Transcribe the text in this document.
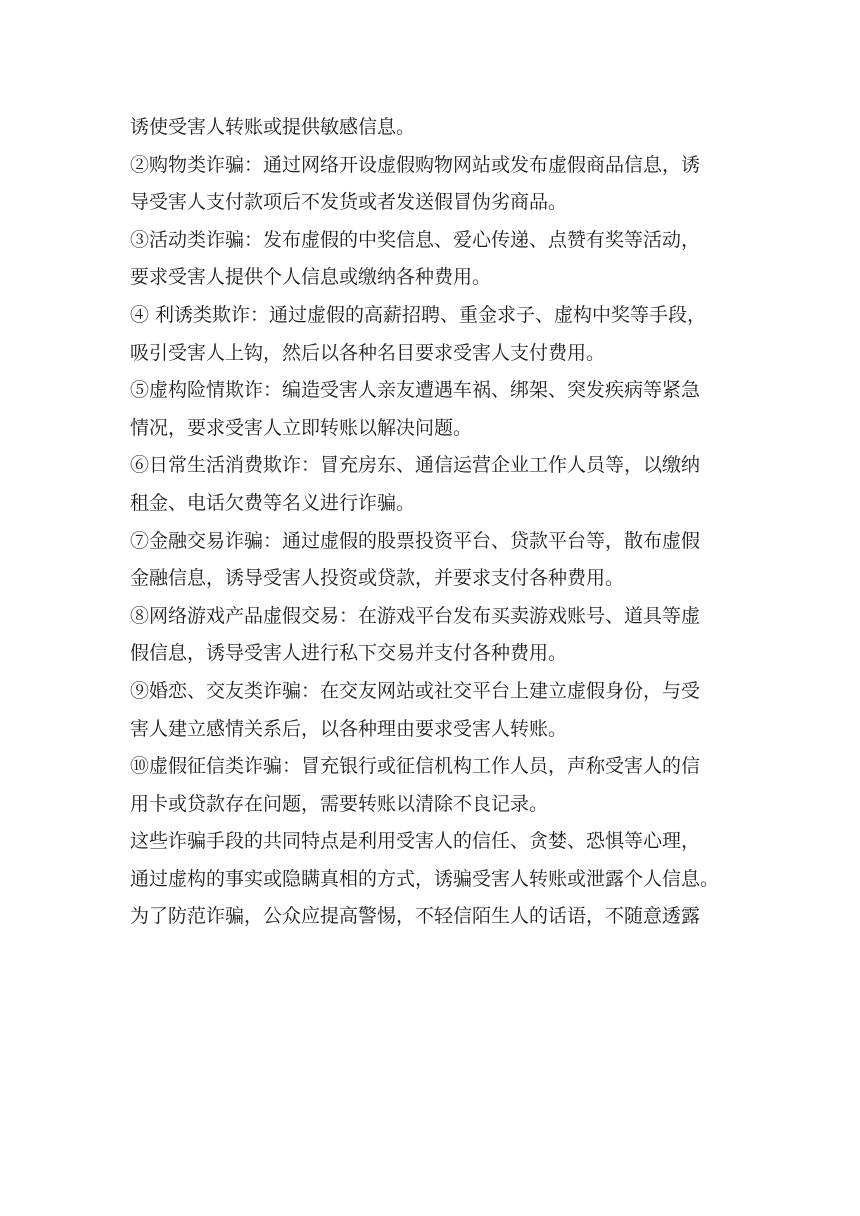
诱使受害人转账或提供敏感信息。
②购物类诈骗：通过网络开设虚假购物网站或发布虚假商品信息，诱
导受害人支付款项后不发货或者发送假冒伪劣商品。
③活动类诈骗：发布虚假的中奖信息、爱心传递、点赞有奖等活动，
要求受害人提供个人信息或缴纳各种费用。
④ 利诱类欺诈：通过虚假的高薪招聘、重金求子、虚构中奖等手段，
吸引受害人上钩，然后以各种名目要求受害人支付费用。
⑤虚构险情欺诈：编造受害人亲友遭遇车祸、绑架、突发疾病等紧急
情况，要求受害人立即转账以解决问题。
⑥日常生活消费欺诈：冒充房东、通信运营企业工作人员等，以缴纳
租金、电话欠费等名义进行诈骗。
⑦金融交易诈骗：通过虚假的股票投资平台、贷款平台等，散布虚假
金融信息，诱导受害人投资或贷款，并要求支付各种费用。
⑧网络游戏产品虚假交易：在游戏平台发布买卖游戏账号、道具等虚
假信息，诱导受害人进行私下交易并支付各种费用。
⑨婚恋、交友类诈骗：在交友网站或社交平台上建立虚假身份，与受
害人建立感情关系后，以各种理由要求受害人转账。
⑩虚假征信类诈骗：冒充银行或征信机构工作人员，声称受害人的信
用卡或贷款存在问题，需要转账以清除不良记录。
这些诈骗手段的共同特点是利用受害人的信任、贪婪、恐惧等心理，
通过虚构的事实或隐瞒真相的方式，诱骗受害人转账或泄露个人信息。
为了防范诈骗，公众应提高警惕，不轻信陌生人的话语，不随意透露
